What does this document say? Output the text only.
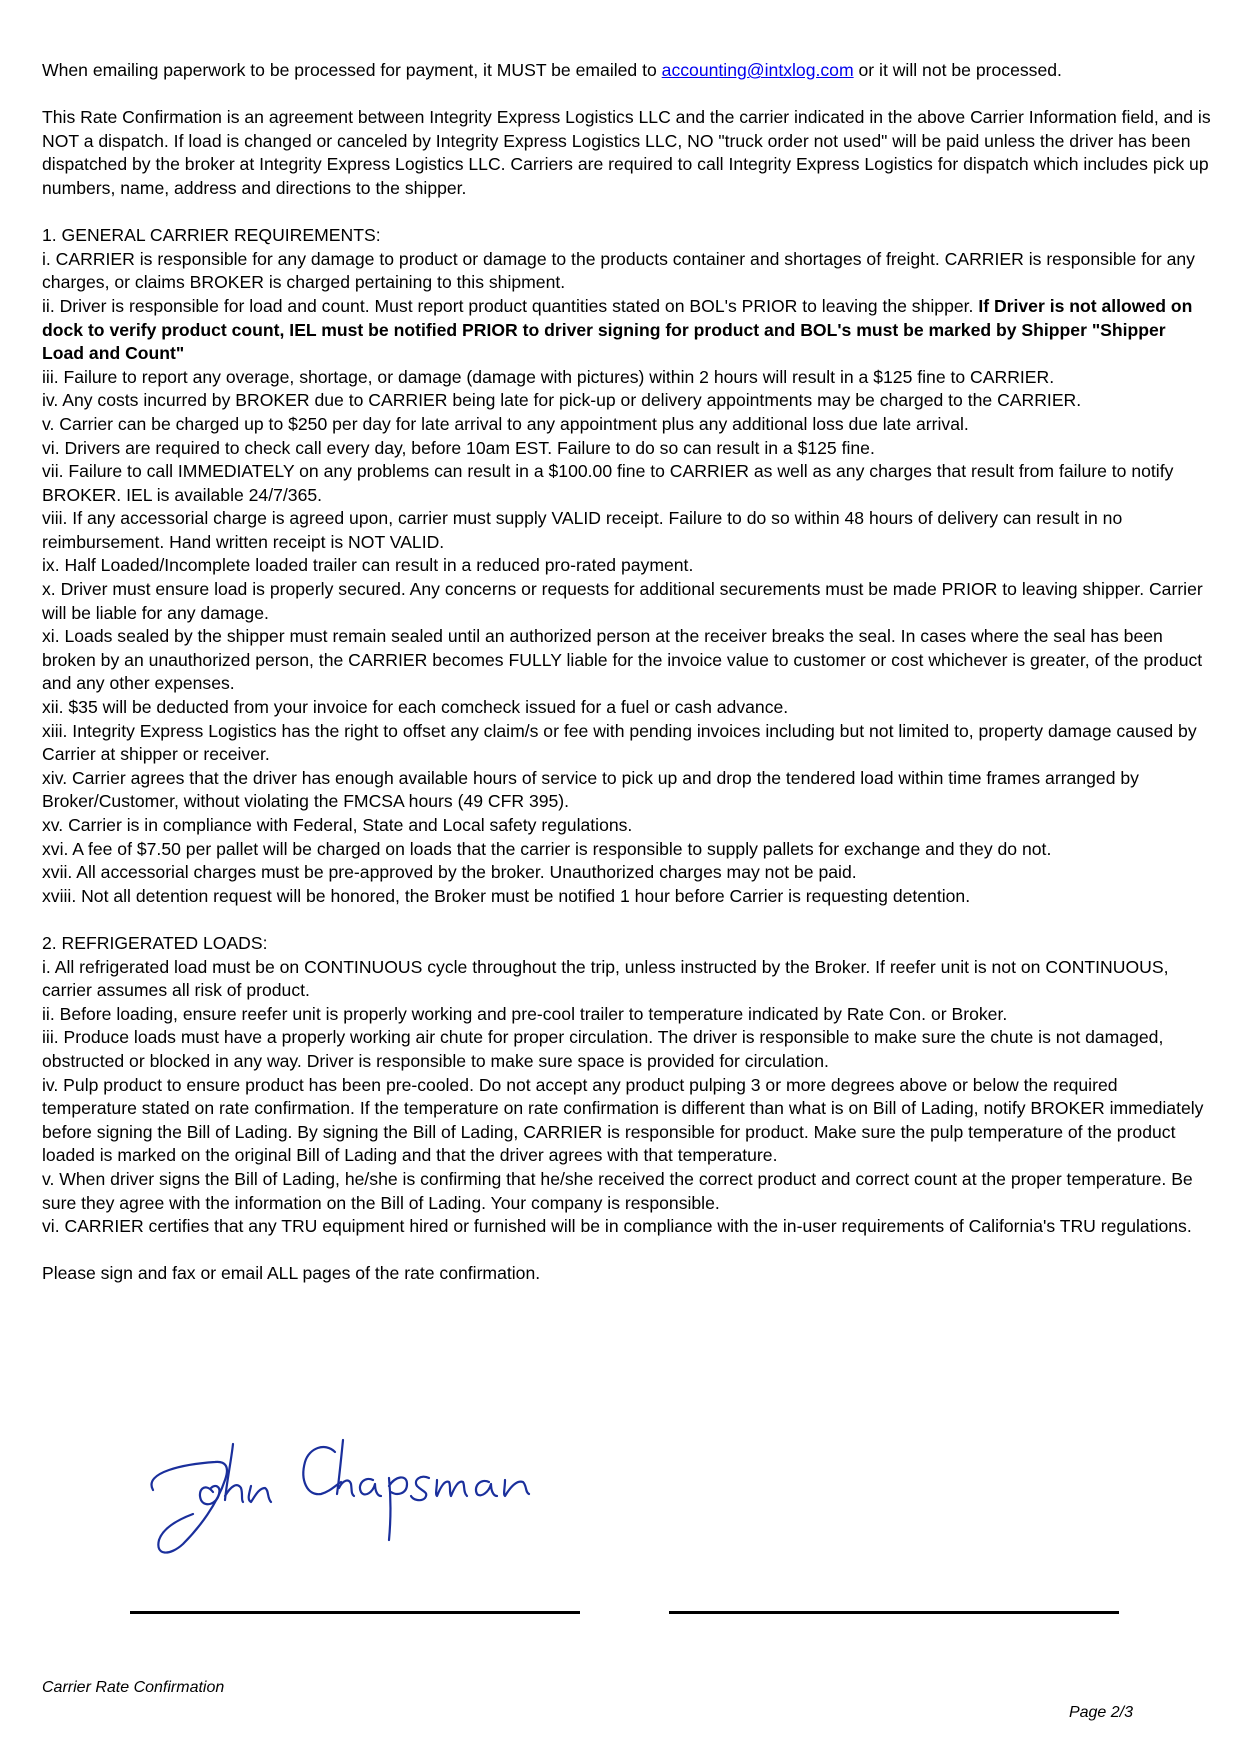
When emailing paperwork to be processed for payment, it MUST be emailed to accounting@intxlog.com or it will not be processed.

This Rate Confirmation is an agreement between Integrity Express Logistics LLC and the carrier indicated in the above Carrier Information field, and is NOT a dispatch. If load is changed or canceled by Integrity Express Logistics LLC, NO "truck order not used" will be paid unless the driver has been dispatched by the broker at Integrity Express Logistics LLC. Carriers are required to call Integrity Express Logistics for dispatch which includes pick up numbers, name, address and directions to the shipper.

1. GENERAL CARRIER REQUIREMENTS:

i. CARRIER is responsible for any damage to product or damage to the products container and shortages of freight. CARRIER is responsible for any charges, or claims BROKER is charged pertaining to this shipment.

ii. Driver is responsible for load and count. Must report product quantities stated on BOL's PRIOR to leaving the shipper. If Driver is not allowed on dock to verify product count, IEL must be notified PRIOR to driver signing for product and BOL's must be marked by Shipper "Shipper Load and Count"

iii. Failure to report any overage, shortage, or damage (damage with pictures) within 2 hours will result in a $125 fine to CARRIER.

iv. Any costs incurred by BROKER due to CARRIER being late for pick-up or delivery appointments may be charged to the CARRIER.

v. Carrier can be charged up to $250 per day for late arrival to any appointment plus any additional loss due late arrival.

vi. Drivers are required to check call every day, before 10am EST. Failure to do so can result in a $125 fine.

vii. Failure to call IMMEDIATELY on any problems can result in a $100.00 fine to CARRIER as well as any charges that result from failure to notify BROKER. IEL is available 24/7/365.

viii. If any accessorial charge is agreed upon, carrier must supply VALID receipt. Failure to do so within 48 hours of delivery can result in no reimbursement. Hand written receipt is NOT VALID.

ix. Half Loaded/Incomplete loaded trailer can result in a reduced pro-rated payment.

x. Driver must ensure load is properly secured. Any concerns or requests for additional securements must be made PRIOR to leaving shipper. Carrier will be liable for any damage.

xi. Loads sealed by the shipper must remain sealed until an authorized person at the receiver breaks the seal. In cases where the seal has been broken by an unauthorized person, the CARRIER becomes FULLY liable for the invoice value to customer or cost whichever is greater, of the product and any other expenses.

xii. $35 will be deducted from your invoice for each comcheck issued for a fuel or cash advance.

xiii. Integrity Express Logistics has the right to offset any claim/s or fee with pending invoices including but not limited to, property damage caused by Carrier at shipper or receiver.

xiv. Carrier agrees that the driver has enough available hours of service to pick up and drop the tendered load within time frames arranged by Broker/Customer, without violating the FMCSA hours (49 CFR 395).

xv. Carrier is in compliance with Federal, State and Local safety regulations.

xvi. A fee of $7.50 per pallet will be charged on loads that the carrier is responsible to supply pallets for exchange and they do not.

xvii. All accessorial charges must be pre-approved by the broker. Unauthorized charges may not be paid.

xviii. Not all detention request will be honored, the Broker must be notified 1 hour before Carrier is requesting detention.

2. REFRIGERATED LOADS:

i. All refrigerated load must be on CONTINUOUS cycle throughout the trip, unless instructed by the Broker. If reefer unit is not on CONTINUOUS, carrier assumes all risk of product.

ii. Before loading, ensure reefer unit is properly working and pre-cool trailer to temperature indicated by Rate Con. or Broker.

iii. Produce loads must have a properly working air chute for proper circulation. The driver is responsible to make sure the chute is not damaged, obstructed or blocked in any way. Driver is responsible to make sure space is provided for circulation.

iv. Pulp product to ensure product has been pre-cooled. Do not accept any product pulping 3 or more degrees above or below the required temperature stated on rate confirmation. If the temperature on rate confirmation is different than what is on Bill of Lading, notify BROKER immediately before signing the Bill of Lading. By signing the Bill of Lading, CARRIER is responsible for product. Make sure the pulp temperature of the product loaded is marked on the original Bill of Lading and that the driver agrees with that temperature.

v. When driver signs the Bill of Lading, he/she is confirming that he/she received the correct product and correct count at the proper temperature. Be sure they agree with the information on the Bill of Lading. Your company is responsible.

vi. CARRIER certifies that any TRU equipment hired or furnished will be in compliance with the in-user requirements of California's TRU regulations.

Please sign and fax or email ALL pages of the rate confirmation.

Carrier Rate Confirmation
Page 2/3
